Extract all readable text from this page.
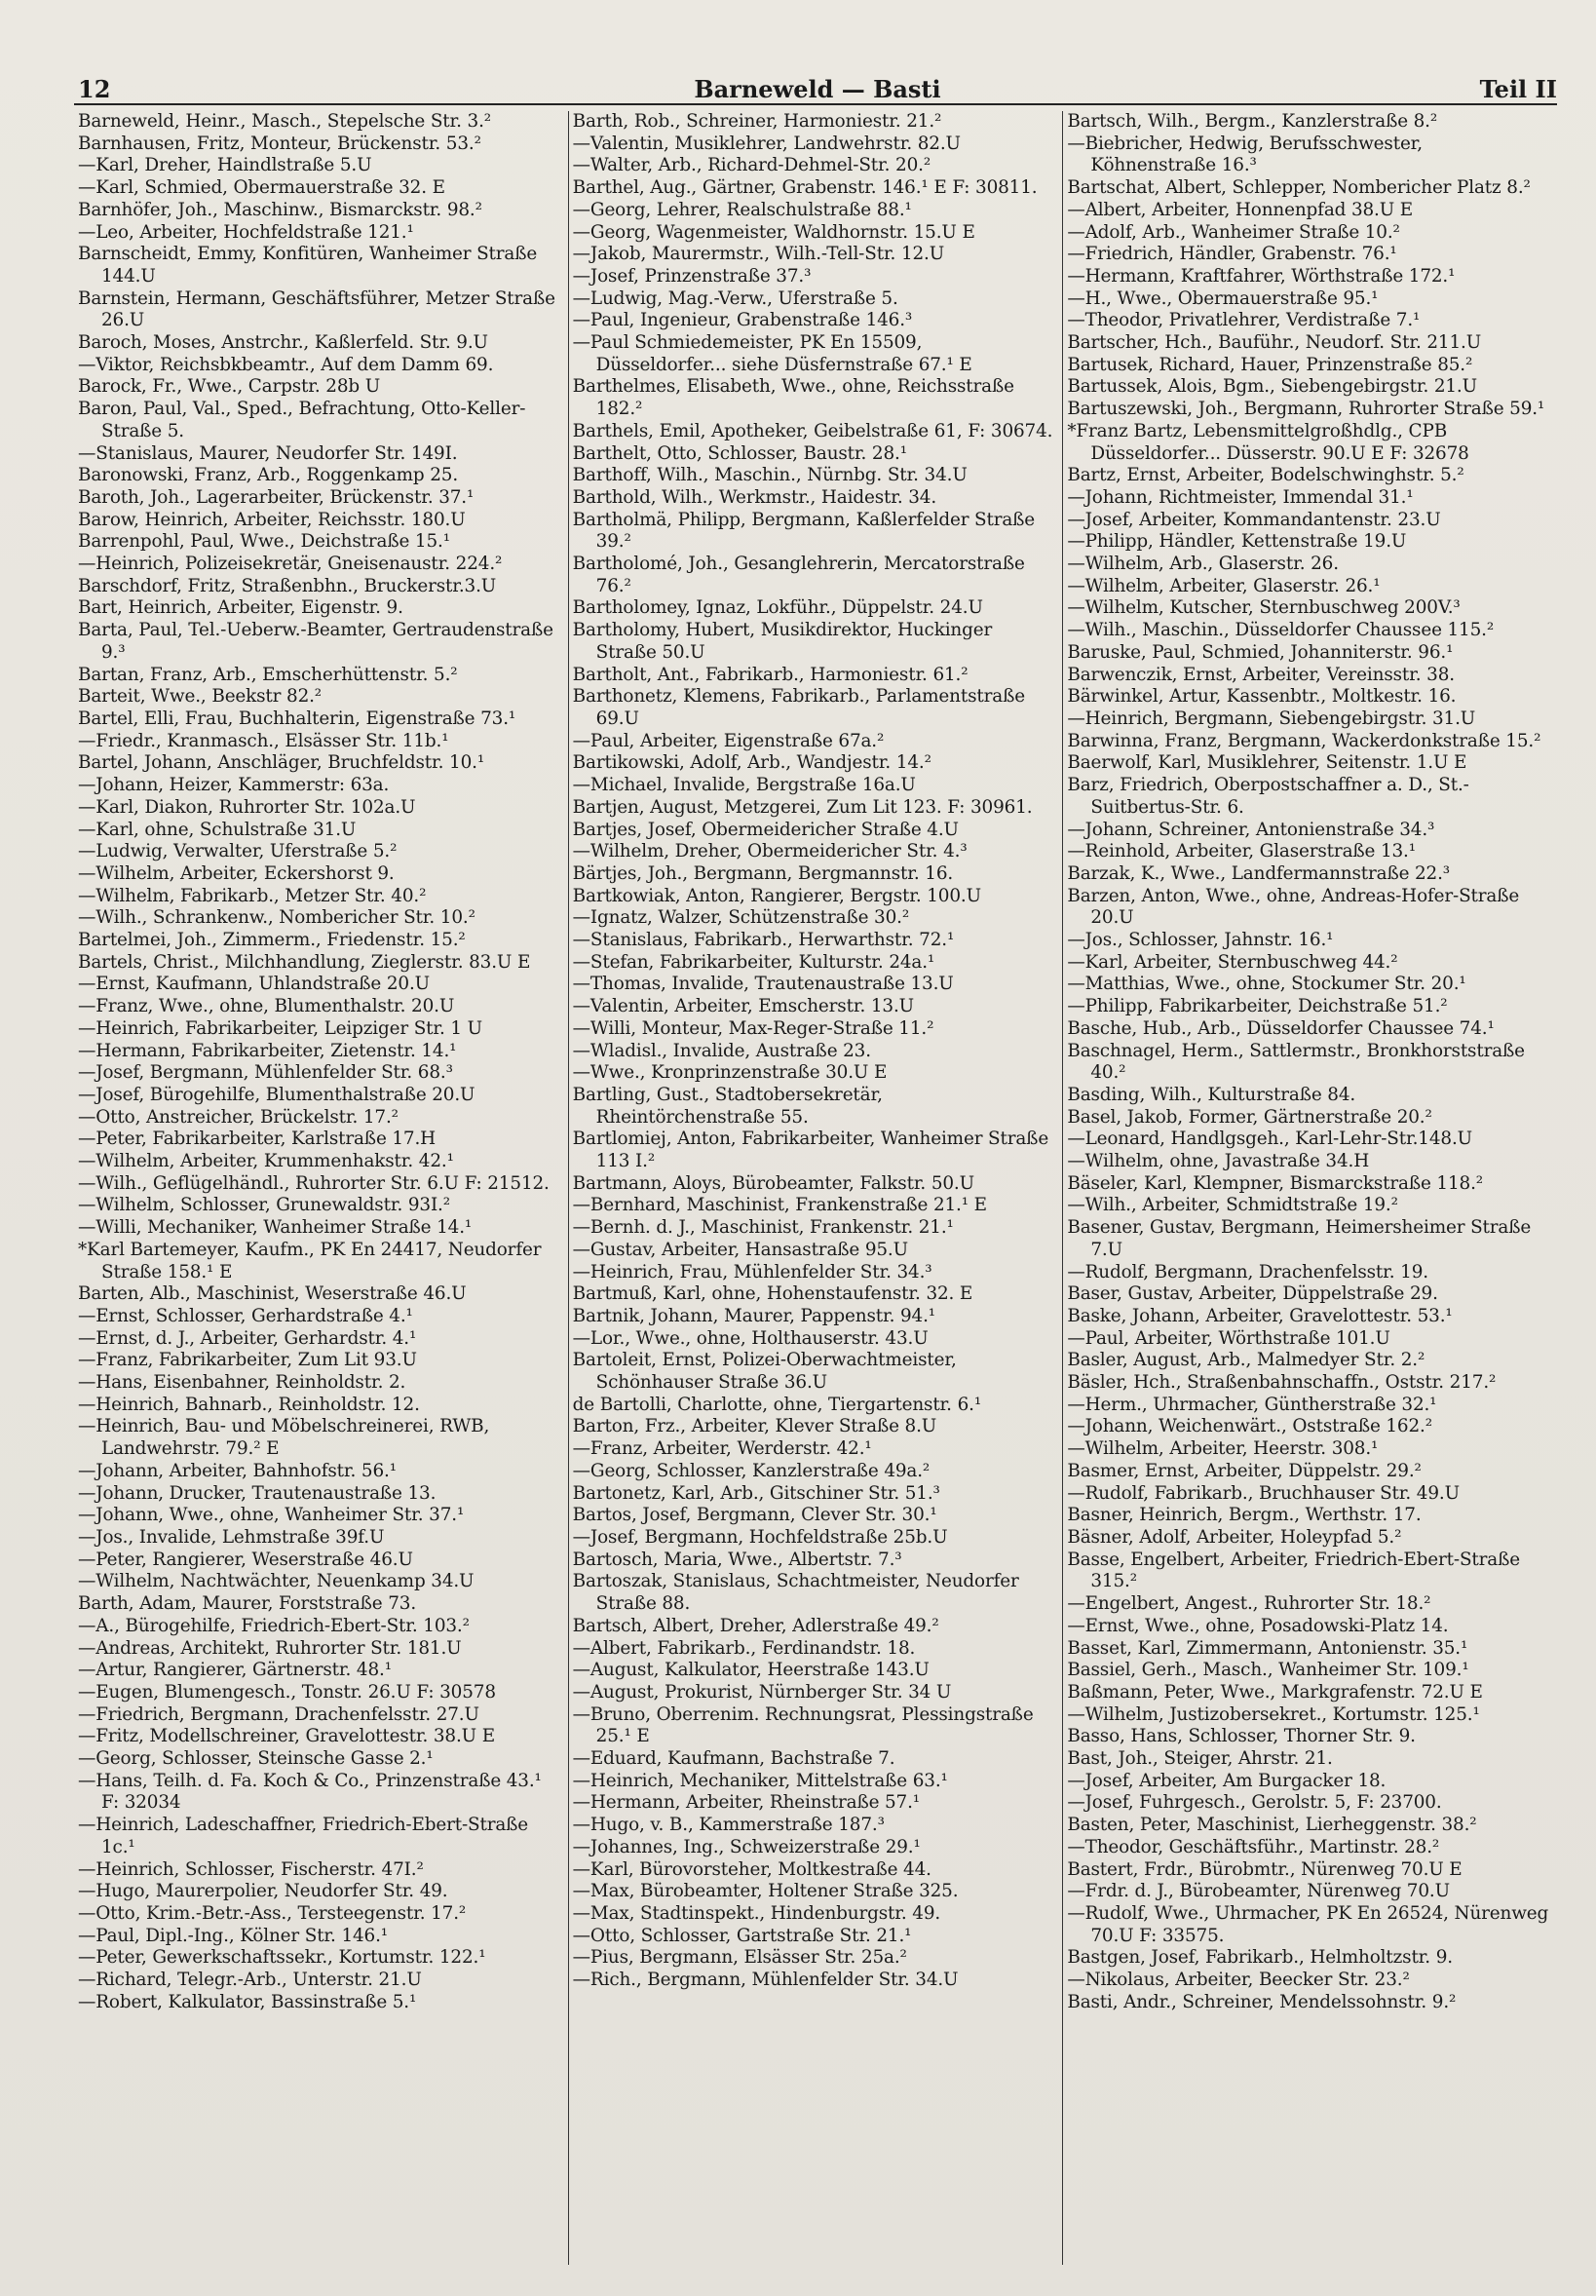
12	Barneweld — Basti	Teil II
Barneweld, Heinr., Masch., Stepelsche Str. 3.²
Barnhausen, Fritz, Monteur, Brückenstr. 53.²
—Karl, Dreher, Haindlstraße 5.U
—Karl, Schmied, Obermauerstraße 32. E
Barnhöfer, Joh., Maschinw., Bismarckstr. 98.²
—Leo, Arbeiter, Hochfeldstraße 121.¹
Barnscheidt, Emmy, Konfitüren, Wanheimer Straße 144.U
Barnstein, Hermann, Geschäftsführer, Metzer Straße 26.U
Baroch, Moses, Anstrchr., Kaßlerfeld. Str. 9.U
—Viktor, Reichsbkbeamtr., Auf dem Damm 69.
Barock, Fr., Wwe., Carpstr. 28b U
Baron, Paul, Val., Sped., Befrachtung, Otto-Keller-Straße 5.
—Stanislaus, Maurer, Neudorfer Str. 149I.
Baronowski, Franz, Arb., Roggenkamp 25.
Baroth, Joh., Lagerarbeiter, Brückenstr. 37.¹
Barow, Heinrich, Arbeiter, Reichsstr. 180.U
Barrenpohl, Paul, Wwe., Deichstraße 15.¹
—Heinrich, Polizeisekretär, Gneisenaustr. 224.²
Barschdorf, Fritz, Straßenbhn., Bruckerstr.3.U
Bart, Heinrich, Arbeiter, Eigenstr. 9.
Barta, Paul, Tel.-Ueberw.-Beamter, Gertraudenstraße 9.³
Bartan, Franz, Arb., Emscherhüttenstr. 5.²
Barteit, Wwe., Beekstr 82.²
Bartel, Elli, Frau, Buchhalterin, Eigenstraße 73.¹
—Friedr., Kranmasch., Elsässer Str. 11b.¹
Bartel, Johann, Anschläger, Bruchfeldstr. 10.¹
—Johann, Heizer, Kammerstr: 63a.
—Karl, Diakon, Ruhrorter Str. 102a.U
—Karl, ohne, Schulstraße 31.U
—Ludwig, Verwalter, Uferstraße 5.²
—Wilhelm, Arbeiter, Eckershorst 9.
—Wilhelm, Fabrikarb., Metzer Str. 40.²
—Wilh., Schrankenw., Nombericher Str. 10.²
Bartelmei, Joh., Zimmerm., Friedenstr. 15.²
Bartels, Christ., Milchhandlung, Zieglerstr. 83.U E
—Ernst, Kaufmann, Uhlandstraße 20.U
—Franz, Wwe., ohne, Blumenthalstr. 20.U
—Heinrich, Fabrikarbeiter, Leipziger Str. 1 U
—Hermann, Fabrikarbeiter, Zietenstr. 14.¹
—Josef, Bergmann, Mühlenfelder Str. 68.³
—Josef, Bürogehilfe, Blumenthalstraße 20.U
—Otto, Anstreicher, Brückelstr. 17.²
—Peter, Fabrikarbeiter, Karlstraße 17.H
—Wilhelm, Arbeiter, Krummenhakstr. 42.¹
—Wilh., Geflügelhändl., Ruhrorter Str. 6.U F: 21512.
—Wilhelm, Schlosser, Grunewaldstr. 93I.²
—Willi, Mechaniker, Wanheimer Straße 14.¹
*Karl Bartemeyer, Kaufm., PK En 24417, Neudorfer Straße 158.¹ E
Barten, Alb., Maschinist, Weserstraße 46.U
—Ernst, Schlosser, Gerhardstraße 4.¹
—Ernst, d. J., Arbeiter, Gerhardstr. 4.¹
—Franz, Fabrikarbeiter, Zum Lit 93.U
—Hans, Eisenbahner, Reinholdstr. 2.
—Heinrich, Bahnarb., Reinholdstr. 12.
—Heinrich, Bau- und Möbelschreinerei, RWB, Landwehrstr. 79.² E
—Johann, Arbeiter, Bahnhofstr. 56.¹
—Johann, Drucker, Trautenaustraße 13.
—Johann, Wwe., ohne, Wanheimer Str. 37.¹
—Jos., Invalide, Lehmstraße 39f.U
—Peter, Rangierer, Weserstraße 46.U
—Wilhelm, Nachtwächter, Neuenkamp 34.U
Barth, Adam, Maurer, Forststraße 73.
—A., Bürogehilfe, Friedrich-Ebert-Str. 103.²
—Andreas, Architekt, Ruhrorter Str. 181.U
—Artur, Rangierer, Gärtnerstr. 48.¹
—Eugen, Blumengesch., Tonstr. 26.U F: 30578
—Friedrich, Bergmann, Drachenfelsstr. 27.U
—Fritz, Modellschreiner, Gravelottestr. 38.U E
—Georg, Schlosser, Steinsche Gasse 2.¹
—Hans, Teilh. d. Fa. Koch & Co., Prinzenstraße 43.¹ F: 32034
—Heinrich, Ladeschaffner, Friedrich-Ebert-Straße 1c.¹
—Heinrich, Schlosser, Fischerstr. 47I.²
—Hugo, Maurerpolier, Neudorfer Str. 49.
—Otto, Krim.-Betr.-Ass., Tersteegenstr. 17.²
—Paul, Dipl.-Ing., Kölner Str. 146.¹
—Peter, Gewerkschaftssekr., Kortumstr. 122.¹
—Richard, Telegr.-Arb., Unterstr. 21.U
—Robert, Kalkulator, Bassinstraße 5.¹
Barth, Rob., Schreiner, Harmoniestr. 21.²
—Valentin, Musiklehrer, Landwehrstr. 82.U
—Walter, Arb., Richard-Dehmel-Str. 20.²
Barthel, Aug., Gärtner, Grabenstr. 146.¹ E F: 30811.
—Georg, Lehrer, Realschulstraße 88.¹
—Georg, Wagenmeister, Waldhornstr. 15.U E
—Jakob, Maurermstr., Wilh.-Tell-Str. 12.U
—Josef, Prinzenstraße 37.³
—Ludwig, Mag.-Verw., Uferstraße 5.
—Paul, Ingenieur, Grabenstraße 146.³
—Paul Schmiedemeister, PK En 15509, Düsseldorfer... siehe Düsfernstraße 67.¹ E
Barthelmes, Elisabeth, Wwe., ohne, Reichsstraße 182.²
Barthels, Emil, Apotheker, Geibelstraße 61, F: 30674.
Barthelt, Otto, Schlosser, Baustr. 28.¹
Barthoff, Wilh., Maschin., Nürnbg. Str. 34.U
Barthold, Wilh., Werkmstr., Haidestr. 34.
Bartholmä, Philipp, Bergmann, Kaßlerfelder Straße 39.²
Bartholomé, Joh., Gesanglehrerin, Mercatorstraße 76.²
Bartholomey, Ignaz, Lokführ., Düppelstr. 24.U
Bartholomy, Hubert, Musikdirektor, Huckinger Straße 50.U
Bartholt, Ant., Fabrikarb., Harmoniestr. 61.²
Barthonetz, Klemens, Fabrikarb., Parlamentstraße 69.U
—Paul, Arbeiter, Eigenstraße 67a.²
Bartikowski, Adolf, Arb., Wandjestr. 14.²
—Michael, Invalide, Bergstraße 16a.U
Bartjen, August, Metzgerei, Zum Lit 123. F: 30961.
Bartjes, Josef, Obermeidericher Straße 4.U
—Wilhelm, Dreher, Obermeidericher Str. 4.³
Bärtjes, Joh., Bergmann, Bergmannstr. 16.
Bartkowiak, Anton, Rangierer, Bergstr. 100.U
—Ignatz, Walzer, Schützenstraße 30.²
—Stanislaus, Fabrikarb., Herwarthstr. 72.¹
—Stefan, Fabrikarbeiter, Kulturstr. 24a.¹
—Thomas, Invalide, Trautenaustraße 13.U
—Valentin, Arbeiter, Emscherstr. 13.U
—Willi, Monteur, Max-Reger-Straße 11.²
—Wladisl., Invalide, Austraße 23.
—Wwe., Kronprinzenstraße 30.U E
Bartling, Gust., Stadtobersekretär, Rheintörchenstraße 55.
Bartlomiej, Anton, Fabrikarbeiter, Wanheimer Straße 113 I.²
Bartmann, Aloys, Bürobeamter, Falkstr. 50.U
—Bernhard, Maschinist, Frankenstraße 21.¹ E
—Bernh. d. J., Maschinist, Frankenstr. 21.¹
—Gustav, Arbeiter, Hansastraße 95.U
—Heinrich, Frau, Mühlenfelder Str. 34.³
Bartmuß, Karl, ohne, Hohenstaufenstr. 32. E
Bartnik, Johann, Maurer, Pappenstr. 94.¹
—Lor., Wwe., ohne, Holthauserstr. 43.U
Bartoleit, Ernst, Polizei-Oberwachtmeister, Schönhauser Straße 36.U
de Bartolli, Charlotte, ohne, Tiergartenstr. 6.¹
Barton, Frz., Arbeiter, Klever Straße 8.U
—Franz, Arbeiter, Werderstr. 42.¹
—Georg, Schlosser, Kanzlerstraße 49a.²
Bartonetz, Karl, Arb., Gitschiner Str. 51.³
Bartos, Josef, Bergmann, Clever Str. 30.¹
—Josef, Bergmann, Hochfeldstraße 25b.U
Bartosch, Maria, Wwe., Albertstr. 7.³
Bartoszak, Stanislaus, Schachtmeister, Neudorfer Straße 88.
Bartsch, Albert, Dreher, Adlerstraße 49.²
—Albert, Fabrikarb., Ferdinandstr. 18.
—August, Kalkulator, Heerstraße 143.U
—August, Prokurist, Nürnberger Str. 34 U
—Bruno, Oberrenim. Rechnungsrat, Plessingstraße 25.¹ E
—Eduard, Kaufmann, Bachstraße 7.
—Heinrich, Mechaniker, Mittelstraße 63.¹
—Hermann, Arbeiter, Rheinstraße 57.¹
—Hugo, v. B., Kammerstraße 187.³
—Johannes, Ing., Schweizerstraße 29.¹
—Karl, Bürovorsteher, Moltkestraße 44.
—Max, Bürobeamter, Holtener Straße 325.
—Max, Stadtinspekt., Hindenburgstr. 49.
—Otto, Schlosser, Gartstraße Str. 21.¹
—Pius, Bergmann, Elsässer Str. 25a.²
—Rich., Bergmann, Mühlenfelder Str. 34.U
Bartsch, Wilh., Bergm., Kanzlerstraße 8.²
—Biebricher, Hedwig, Berufsschwester, Köhnenstraße 16.³
Bartschat, Albert, Schlepper, Nombericher Platz 8.²
—Albert, Arbeiter, Honnenpfad 38.U E
—Adolf, Arb., Wanheimer Straße 10.²
—Friedrich, Händler, Grabenstr. 76.¹
—Hermann, Kraftfahrer, Wörthstraße 172.¹
—H., Wwe., Obermauerstraße 95.¹
—Theodor, Privatlehrer, Verdistraße 7.¹
Bartscher, Hch., Bauführ., Neudorf. Str. 211.U
Bartusek, Richard, Hauer, Prinzenstraße 85.²
Bartussek, Alois, Bgm., Siebengebirgstr. 21.U
Bartuszewski, Joh., Bergmann, Ruhrorter Straße 59.¹
*Franz Bartz, Lebensmittelgroßhdlg., CPB Düsseldorfer... Düsserstr. 90.U E F: 32678
Bartz, Ernst, Arbeiter, Bodelschwinghstr. 5.²
—Johann, Richtmeister, Immendal 31.¹
—Josef, Arbeiter, Kommandantenstr. 23.U
—Philipp, Händler, Kettenstraße 19.U
—Wilhelm, Arb., Glaserstr. 26.
—Wilhelm, Arbeiter, Glaserstr. 26.¹
—Wilhelm, Kutscher, Sternbuschweg 200V.³
—Wilh., Maschin., Düsseldorfer Chaussee 115.²
Baruske, Paul, Schmied, Johanniterstr. 96.¹
Barwenczik, Ernst, Arbeiter, Vereinsstr. 38.
Bärwinkel, Artur, Kassenbtr., Moltkestr. 16.
—Heinrich, Bergmann, Siebengebirgstr. 31.U
Barwinna, Franz, Bergmann, Wackerdonkstraße 15.²
Baerwolf, Karl, Musiklehrer, Seitenstr. 1.U E
Barz, Friedrich, Oberpostschaffner a. D., St.-Suitbertus-Str. 6.
—Johann, Schreiner, Antonienstraße 34.³
—Reinhold, Arbeiter, Glaserstraße 13.¹
Barzak, K., Wwe., Landfermannstraße 22.³
Barzen, Anton, Wwe., ohne, Andreas-Hofer-Straße 20.U
—Jos., Schlosser, Jahnstr. 16.¹
—Karl, Arbeiter, Sternbuschweg 44.²
—Matthias, Wwe., ohne, Stockumer Str. 20.¹
—Philipp, Fabrikarbeiter, Deichstraße 51.²
Basche, Hub., Arb., Düsseldorfer Chaussee 74.¹
Baschnagel, Herm., Sattlermstr., Bronkhorststraße 40.²
Basding, Wilh., Kulturstraße 84.
Basel, Jakob, Former, Gärtnerstraße 20.²
—Leonard, Handlgsgeh., Karl-Lehr-Str.148.U
—Wilhelm, ohne, Javastraße 34.H
Bäseler, Karl, Klempner, Bismarckstraße 118.²
—Wilh., Arbeiter, Schmidtstraße 19.²
Basener, Gustav, Bergmann, Heimersheimer Straße 7.U
—Rudolf, Bergmann, Drachenfelsstr. 19.
Baser, Gustav, Arbeiter, Düppelstraße 29.
Baske, Johann, Arbeiter, Gravelottestr. 53.¹
—Paul, Arbeiter, Wörthstraße 101.U
Basler, August, Arb., Malmedyer Str. 2.²
Bäsler, Hch., Straßenbahnschaffn., Oststr. 217.²
—Herm., Uhrmacher, Güntherstraße 32.¹
—Johann, Weichenwärt., Oststraße 162.²
—Wilhelm, Arbeiter, Heerstr. 308.¹
Basmer, Ernst, Arbeiter, Düppelstr. 29.²
—Rudolf, Fabrikarb., Bruchhauser Str. 49.U
Basner, Heinrich, Bergm., Werthstr. 17.
Bäsner, Adolf, Arbeiter, Holeypfad 5.²
Basse, Engelbert, Arbeiter, Friedrich-Ebert-Straße 315.²
—Engelbert, Angest., Ruhrorter Str. 18.²
—Ernst, Wwe., ohne, Posadowski-Platz 14.
Basset, Karl, Zimmermann, Antonienstr. 35.¹
Bassiel, Gerh., Masch., Wanheimer Str. 109.¹
Baßmann, Peter, Wwe., Markgrafenstr. 72.U E
—Wilhelm, Justizobersekret., Kortumstr. 125.¹
Basso, Hans, Schlosser, Thorner Str. 9.
Bast, Joh., Steiger, Ahrstr. 21.
—Josef, Arbeiter, Am Burgacker 18.
—Josef, Fuhrgesch., Gerolstr. 5, F: 23700.
Basten, Peter, Maschinist, Lierheggenstr. 38.²
—Theodor, Geschäftsführ., Martinstr. 28.²
Bastert, Frdr., Bürobmtr., Nürenweg 70.U E
—Frdr. d. J., Bürobeamter, Nürenweg 70.U
—Rudolf, Wwe., Uhrmacher, PK En 26524, Nürenweg 70.U F: 33575.
Bastgen, Josef, Fabrikarb., Helmholtzstr. 9.
—Nikolaus, Arbeiter, Beecker Str. 23.²
Basti, Andr., Schreiner, Mendelssohnstr. 9.²
